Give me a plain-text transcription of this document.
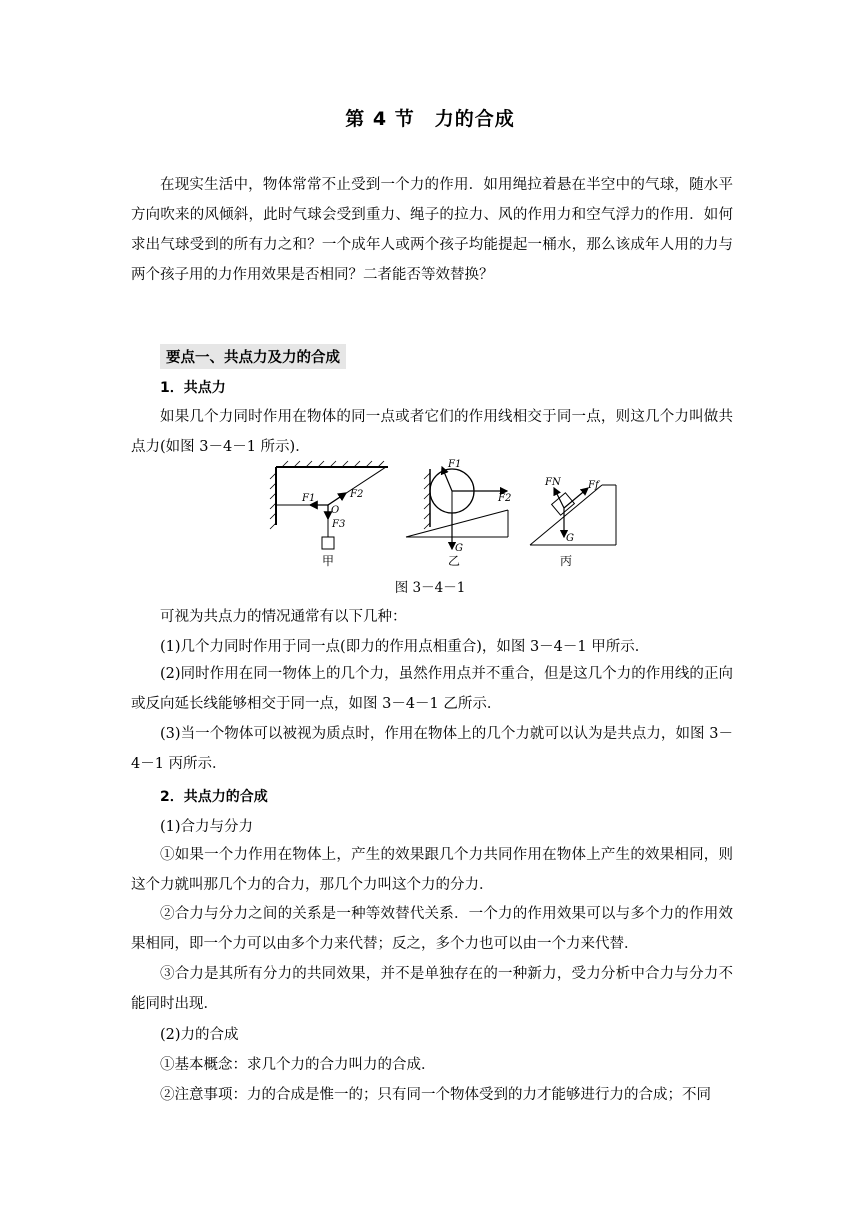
第 4 节　力的合成
在现实生活中，物体常常不止受到一个力的作用．如用绳拉着悬在半空中的气球，随水平方向吹来的风倾斜，此时气球会受到重力、绳子的拉力、风的作用力和空气浮力的作用．如何求出气球受到的所有力之和？一个成年人或两个孩子均能提起一桶水，那么该成年人用的力与两个孩子用的力作用效果是否相同？二者能否等效替换？
要点一、共点力及力的合成
1．共点力
如果几个力同时作用在物体的同一点或者它们的作用线相交于同一点，则这几个力叫做共点力(如图 3－4－1 所示)．
F1	F2
O
F3
甲
F1
F2
G
乙
FN	Ff
G
丙
图 3－4－1
可视为共点力的情况通常有以下几种：
(1)几个力同时作用于同一点(即力的作用点相重合)，如图 3－4－1 甲所示．
(2)同时作用在同一物体上的几个力，虽然作用点并不重合，但是这几个力的作用线的正向或反向延长线能够相交于同一点，如图 3－4－1 乙所示．
(3)当一个物体可以被视为质点时，作用在物体上的几个力就可以认为是共点力，如图 3－4－1 丙所示．
2．共点力的合成
(1)合力与分力
①如果一个力作用在物体上，产生的效果跟几个力共同作用在物体上产生的效果相同，则这个力就叫那几个力的合力，那几个力叫这个力的分力．
②合力与分力之间的关系是一种等效替代关系．一个力的作用效果可以与多个力的作用效果相同，即一个力可以由多个力来代替；反之，多个力也可以由一个力来代替．
③合力是其所有分力的共同效果，并不是单独存在的一种新力，受力分析中合力与分力不能同时出现．
(2)力的合成
①基本概念：求几个力的合力叫力的合成．
②注意事项：力的合成是惟一的；只有同一个物体受到的力才能够进行力的合成；不同
